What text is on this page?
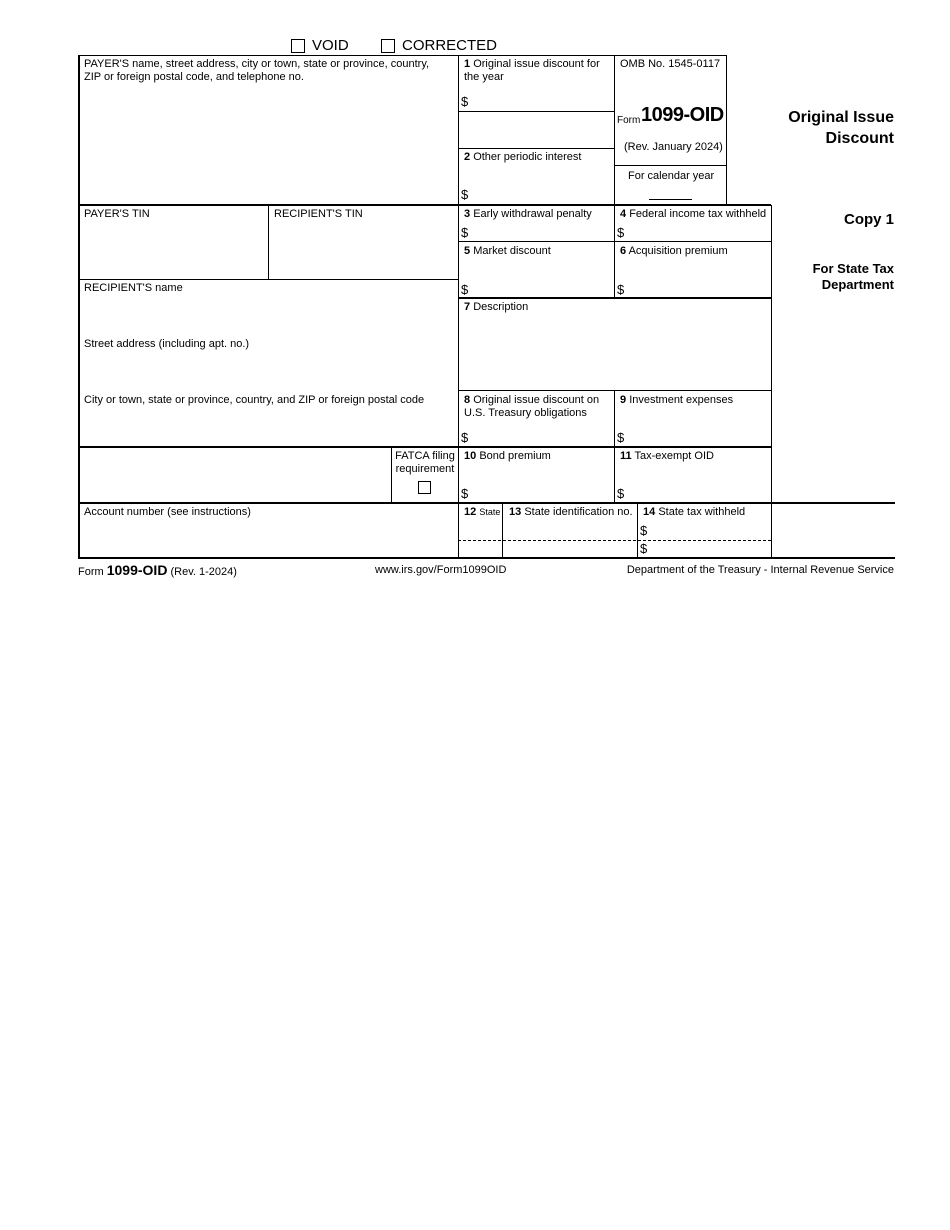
VOID	CORRECTED
PAYER'S name, street address, city or town, state or province, country, ZIP or foreign postal code, and telephone no.
1 Original issue discount for the year
$
2 Other periodic interest
$
OMB No. 1545-0117
Form 1099-OID
(Rev. January 2024)
For calendar year
Original Issue
Discount
Copy 1
For State Tax
Department
PAYER'S TIN	RECIPIENT'S TIN	3 Early withdrawal penalty
$
4 Federal income tax withheld
$
5 Market discount
$
6 Acquisition premium
$
RECIPIENT'S name
Street address (including apt. no.)
City or town, state or province, country, and ZIP or foreign postal code
7 Description
8 Original issue discount on U.S. Treasury obligations
$
9 Investment expenses
$
FATCA filing requirement
10 Bond premium
$
11 Tax-exempt OID
$
Account number (see instructions)	12 State 13 State identification no. 14 State tax withheld
$
$
Form 1099-OID (Rev. 1-2024)	www.irs.gov/Form1099OID	Department of the Treasury - Internal Revenue Service
